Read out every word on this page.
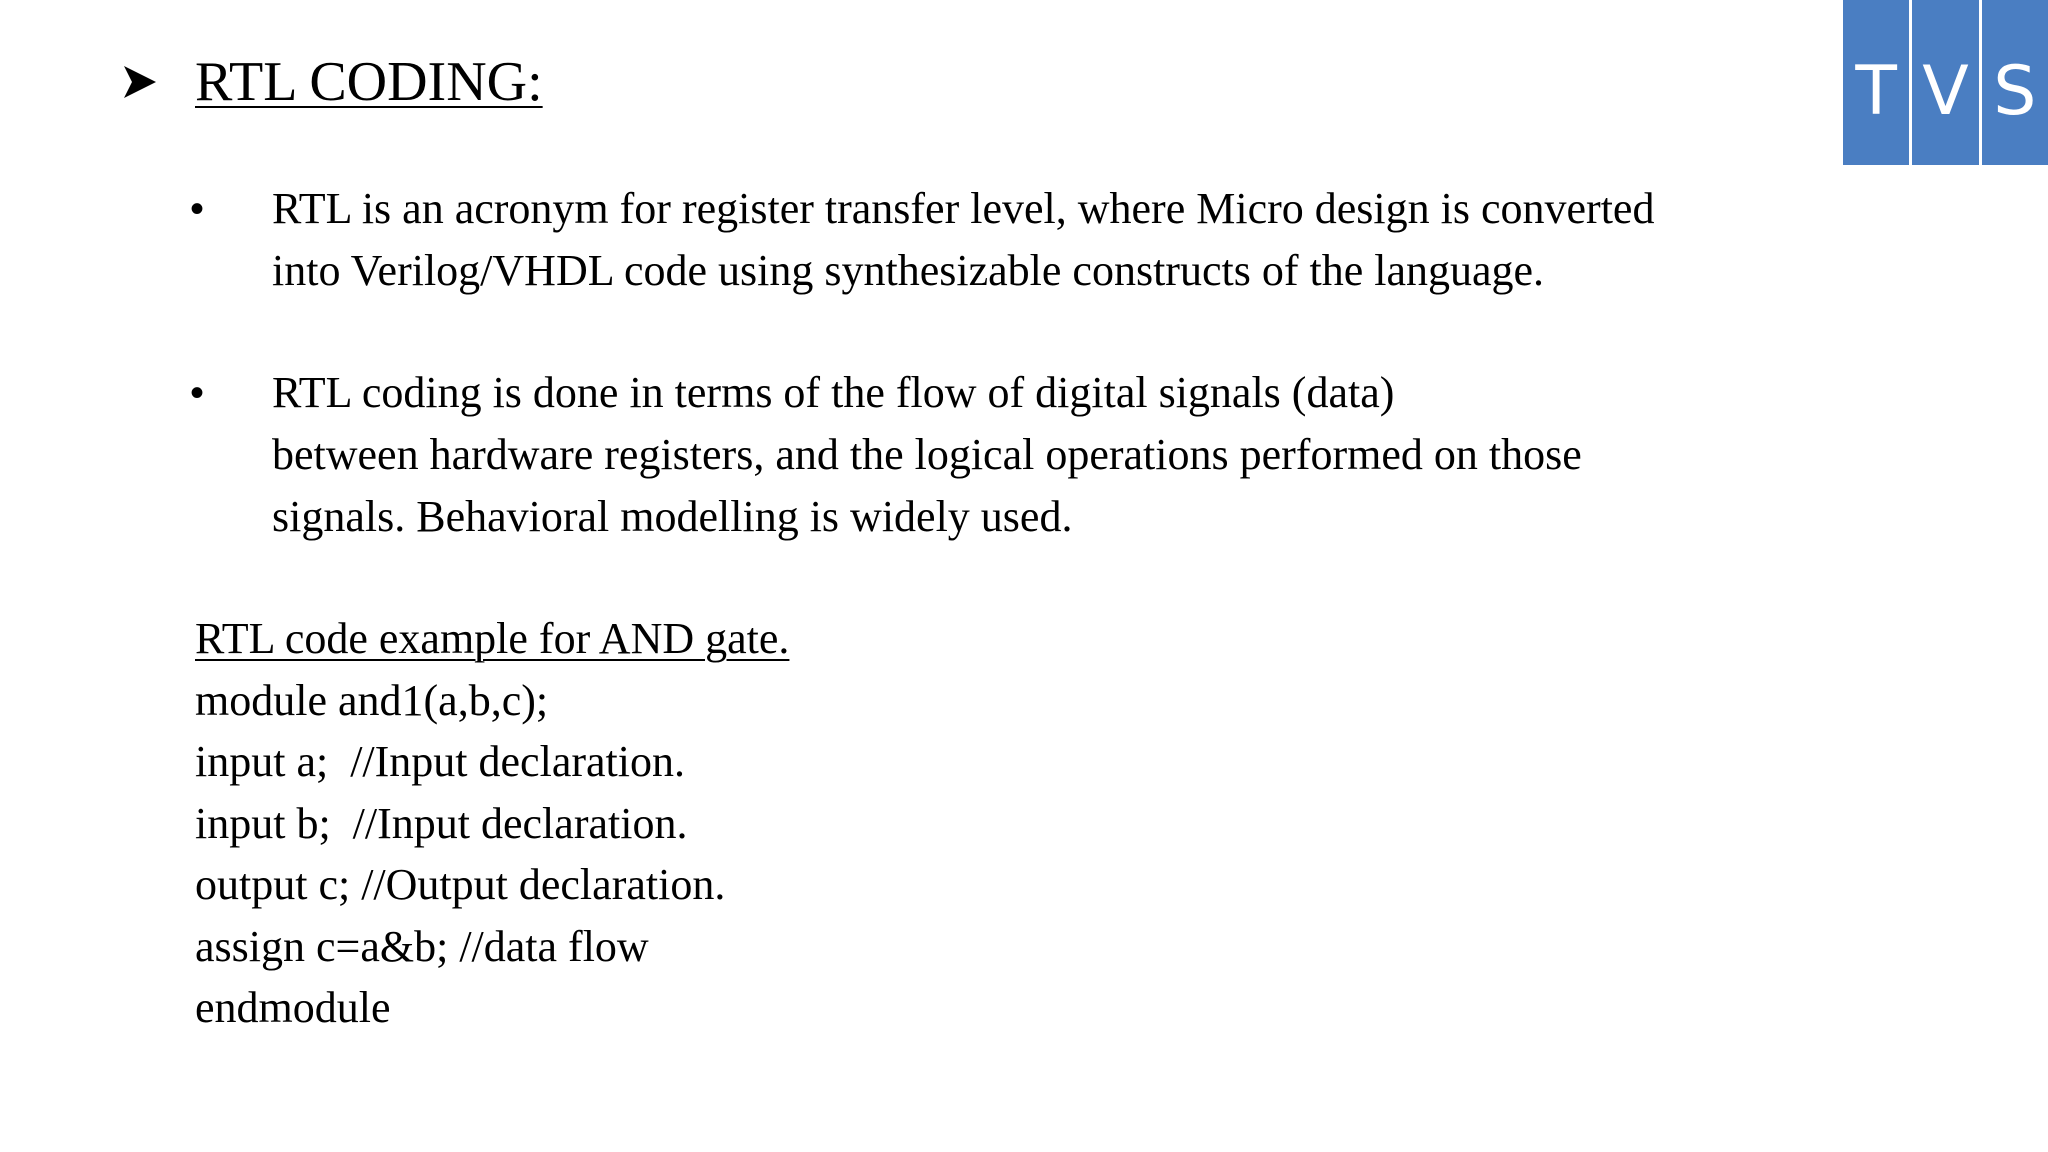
T V S
RTL CODING:
•	RTL is an acronym for register transfer level, where Micro design is converted
into Verilog/VHDL code using synthesizable constructs of the language.
•	RTL coding is done in terms of the flow of digital signals (data)
between hardware registers, and the logical operations performed on those
signals. Behavioral modelling is widely used.
RTL code example for AND gate.
module and1(a,b,c);
input a;  //Input declaration.
input b;  //Input declaration.
output c; //Output declaration.
assign c=a&b; //data flow
endmodule
